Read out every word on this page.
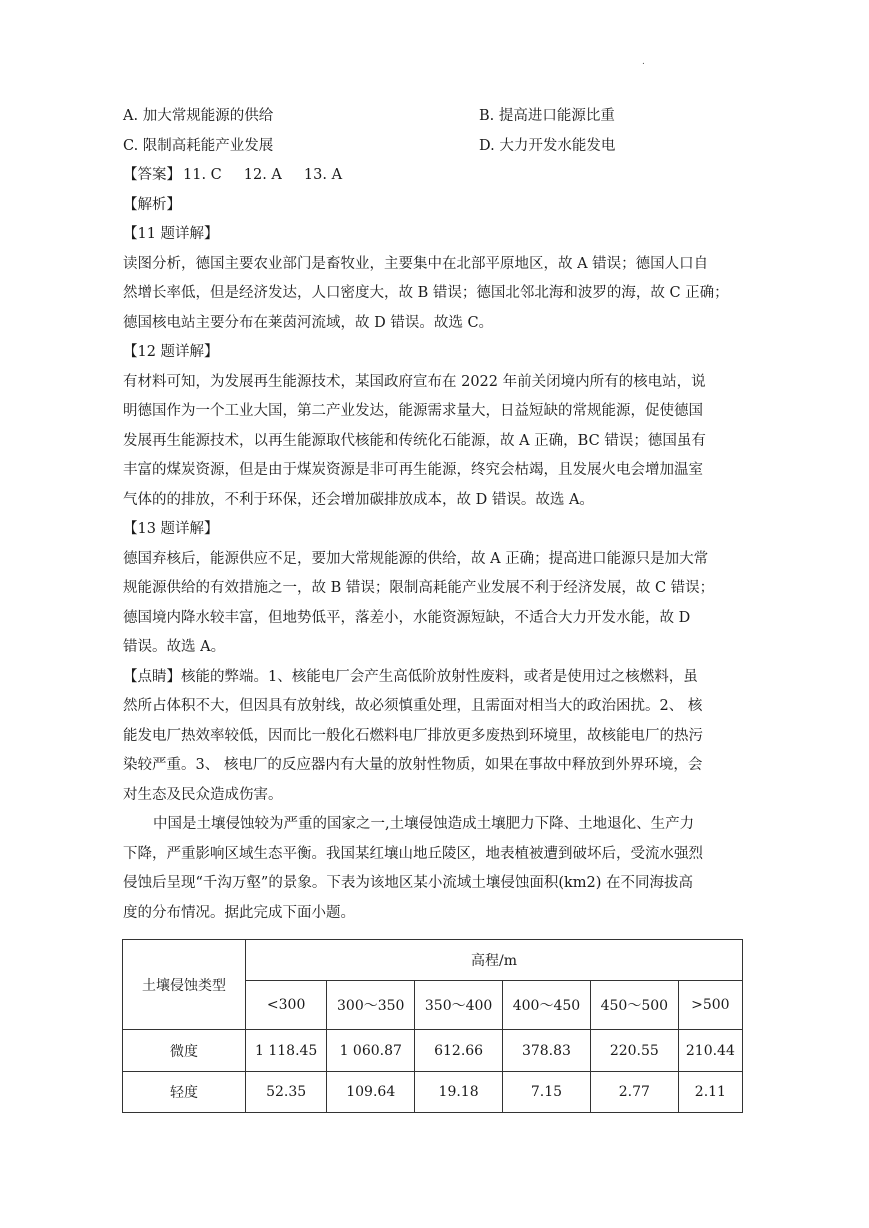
.
A. 加大常规能源的供给	B. 提高进口能源比重
C. 限制高耗能产业发展	D. 大力开发水能发电
【答案】 11. C 12. A 13. A
【解析】
【11 题详解】
读图分析，德国主要农业部门是畜牧业，主要集中在北部平原地区，故 A 错误；德国人口自
然增长率低，但是经济发达，人口密度大，故 B 错误；德国北邻北海和波罗的海，故 C 正确；
德国核电站主要分布在莱茵河流域，故 D 错误。故选 C。
【12 题详解】
有材料可知，为发展再生能源技术，某国政府宣布在 2022 年前关闭境内所有的核电站，说
明德国作为一个工业大国，第二产业发达，能源需求量大，日益短缺的常规能源，促使德国
发展再生能源技术，以再生能源取代核能和传统化石能源，故 A 正确，BC 错误；德国虽有
丰富的煤炭资源，但是由于煤炭资源是非可再生能源，终究会枯竭，且发展火电会增加温室
气体的的排放，不利于环保，还会增加碳排放成本，故 D 错误。故选 A。
【13 题详解】
德国弃核后，能源供应不足，要加大常规能源的供给，故 A 正确；提高进口能源只是加大常
规能源供给的有效措施之一，故 B 错误；限制高耗能产业发展不利于经济发展，故 C 错误；
德国境内降水较丰富，但地势低平，落差小，水能资源短缺，不适合大力开发水能，故 D
错误。故选 A。
【点睛】核能的弊端。1、核能电厂会产生高低阶放射性废料，或者是使用过之核燃料，虽
然所占体积不大，但因具有放射线，故必须慎重处理，且需面对相当大的政治困扰。2、 核
能发电厂热效率较低，因而比一般化石燃料电厂排放更多废热到环境里，故核能电厂的热污
染较严重。3、 核电厂的反应器内有大量的放射性物质，如果在事故中释放到外界环境，会
对生态及民众造成伤害。
中国是土壤侵蚀较为严重的国家之一,土壤侵蚀造成土壤肥力下降、土地退化、生产力
下降，严重影响区域生态平衡。我国某红壤山地丘陵区，地表植被遭到破坏后，受流水强烈
侵蚀后呈现“千沟万壑”的景象。下表为该地区某小流域土壤侵蚀面积(km2) 在不同海拔高
度的分布情况。据此完成下面小题。
土壤侵蚀类型	高程/m					
	<300	300～350	350～400	400～450	450～500	>500
微度	1 118.45	1 060.87	612.66	378.83	220.55	210.44
轻度	52.35	109.64	19.18	7.15	2.77	2.11
